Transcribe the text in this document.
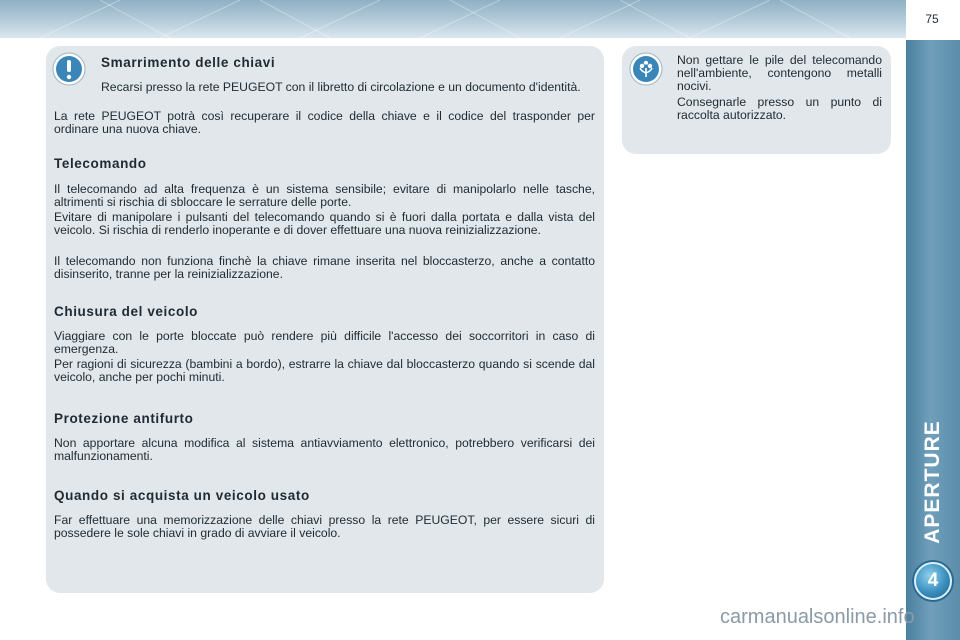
75
APERTURE
4
Smarrimento delle chiavi

Recarsi presso la rete PEUGEOT con il libretto di circolazione e un documento d'identità.

La rete PEUGEOT potrà così recuperare il codice della chiave e il codice del trasponder per ordinare una nuova chiave.

Telecomando

Il telecomando ad alta frequenza è un sistema sensibile; evitare di manipolarlo nelle tasche, altrimenti si rischia di sbloccare le serrature delle porte.

Evitare di manipolare i pulsanti del telecomando quando si è fuori dalla portata e dalla vista del veicolo. Si rischia di renderlo inoperante e di dover effettuare una nuova reinizializzazione.

Il telecomando non funziona finchè la chiave rimane inserita nel bloccasterzo, anche a contatto disinserito, tranne per la reinizializzazione.

Chiusura del veicolo

Viaggiare con le porte bloccate può rendere più difficile l'accesso dei soccorritori in caso di emergenza.

Per ragioni di sicurezza (bambini a bordo), estrarre la chiave dal bloccasterzo quando si scende dal veicolo, anche per pochi minuti.

Protezione antifurto

Non apportare alcuna modifica al sistema antiavviamento elettronico, potrebbero verificarsi dei malfunzionamenti.

Quando si acquista un veicolo usato

Far effettuare una memorizzazione delle chiavi presso la rete PEUGEOT, per essere sicuri di possedere le sole chiavi in grado di avviare il veicolo.

Non gettare le pile del telecomando nell'ambiente, contengono metalli nocivi.

Consegnarle presso un punto di raccolta autorizzato.

carmanualsonline.info
